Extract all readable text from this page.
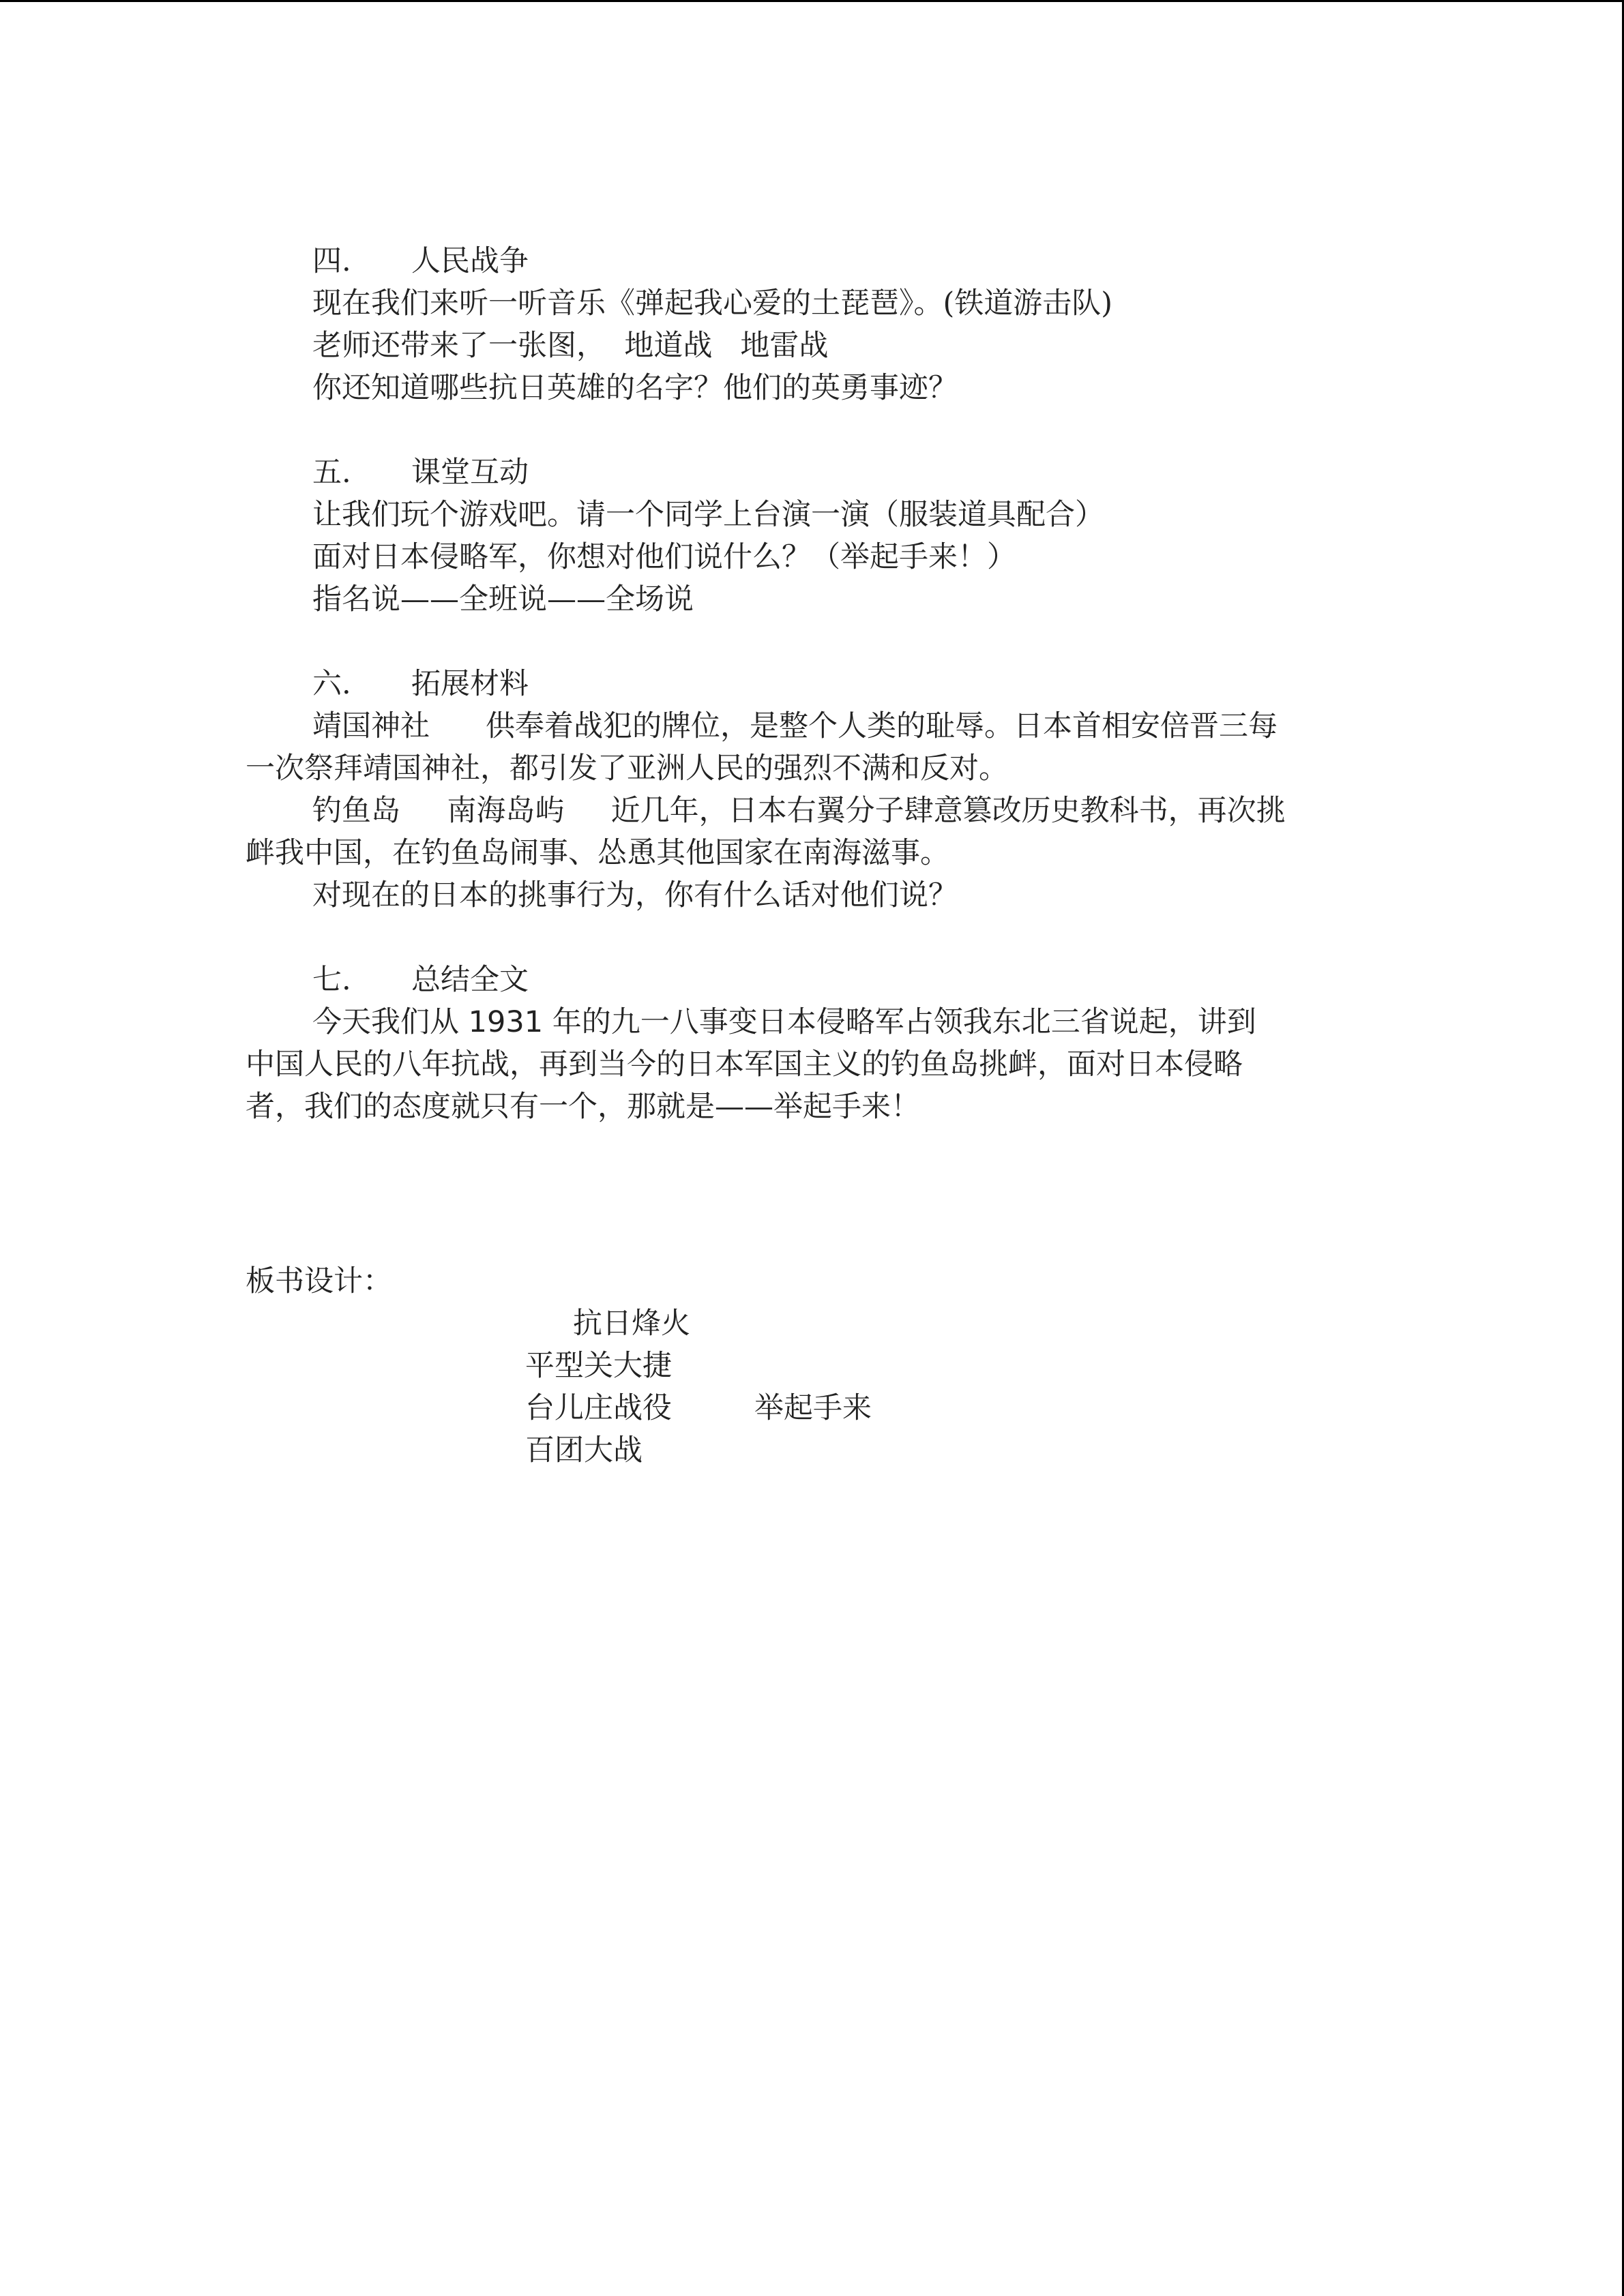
四. 人民战争
现在我们来听一听音乐《弹起我心爱的土琵琶》。(铁道游击队)
老师还带来了一张图，  地道战   地雷战
你还知道哪些抗日英雄的名字？他们的英勇事迹？
五. 课堂互动
让我们玩个游戏吧。请一个同学上台演一演（服装道具配合）
面对日本侵略军，你想对他们说什么？（举起手来！）
指名说——全班说——全场说
六. 拓展材料
靖国神社      供奉着战犯的牌位，是整个人类的耻辱。日本首相安倍晋三每
一次祭拜靖国神社，都引发了亚洲人民的强烈不满和反对。
钓鱼岛     南海岛屿     近几年，日本右翼分子肆意篡改历史教科书，再次挑
衅我中国，在钓鱼岛闹事、怂恿其他国家在南海滋事。
对现在的日本的挑事行为，你有什么话对他们说？
七. 总结全文
今天我们从 1931 年的九一八事变日本侵略军占领我东北三省说起，讲到
中国人民的八年抗战，再到当今的日本军国主义的钓鱼岛挑衅，面对日本侵略
者，我们的态度就只有一个，那就是——举起手来！
板书设计：
抗日烽火
平型关大捷
台儿庄战役	举起手来
百团大战
